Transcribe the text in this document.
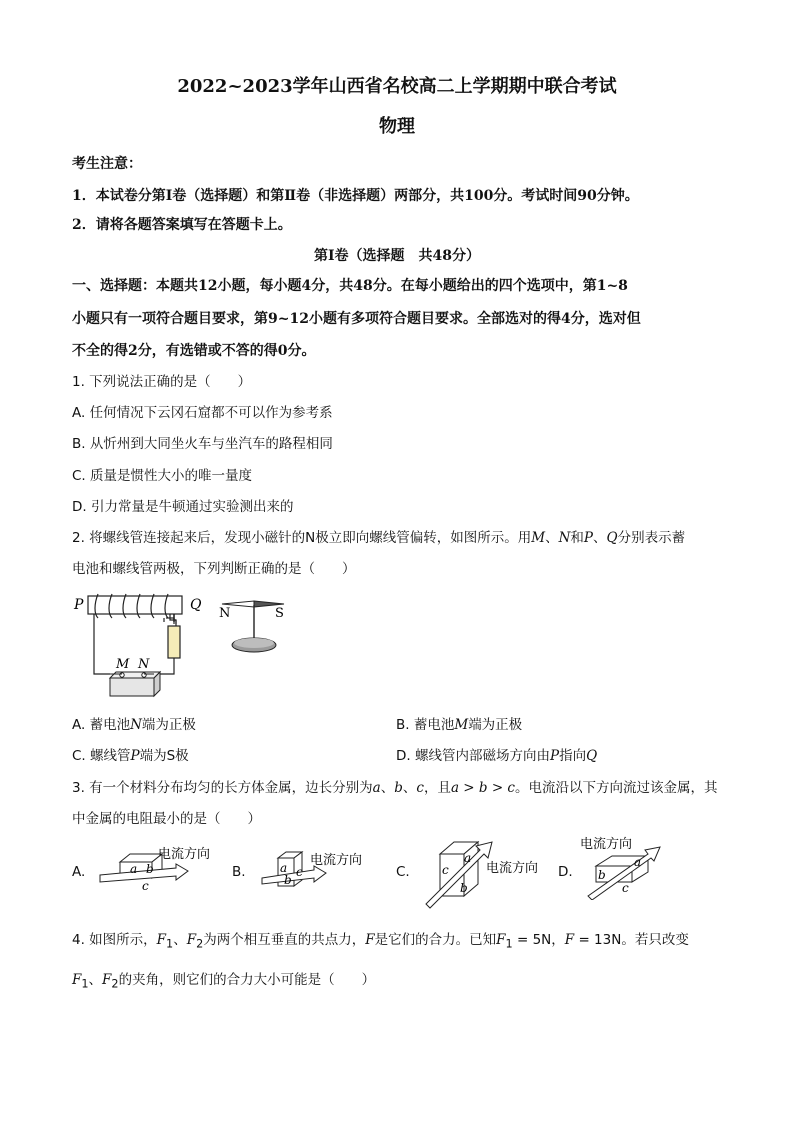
2022~2023学年山西省名校高二上学期期中联合考试
物理
考生注意：
1．本试卷分第Ⅰ卷（选择题）和第Ⅱ卷（非选择题）两部分，共100分。考试时间90分钟。
2．请将各题答案填写在答题卡上。
第Ⅰ卷（选择题　共48分）
一、选择题：本题共12小题，每小题4分，共48分。在每小题给出的四个选项中，第1~8
小题只有一项符合题目要求，第9~12小题有多项符合题目要求。全部选对的得4分，选对但
不全的得2分，有选错或不答的得0分。
1. 下列说法正确的是（　　）
A. 任何情况下云冈石窟都不可以作为参考系
B. 从忻州到大同坐火车与坐汽车的路程相同
C. 质量是惯性大小的唯一量度
D. 引力常量是牛顿通过实验测出来的
2. 将螺线管连接起来后，发现小磁针的N极立即向螺线管偏转，如图所示。用M、N和P、Q分别表示蓄
电池和螺线管两极，下列判断正确的是（　　）
P	Q
M N
N	S
A. 蓄电池N端为正极	B. 蓄电池M端为正极
C. 螺线管P端为S极	D. 螺线管内部磁场方向由P指向Q
3. 有一个材料分布均匀的长方体金属，边长分别为a、b、c，且a > b > c。电流沿以下方向流过该金属，其
中金属的电阻最小的是（　　）
A.	B.	C.	D.
a b
c
电流方向
a
b
c
电流方向
c
a
b
电流方向	b
a
c
电流方向
4. 如图所示，$F_1$、$F_2$为两个相互垂直的共点力，F是它们的合力。已知$F_1 = 5N$，F = 13N。若只改变
$F_1$、$F_2$的夹角，则它们的合力大小可能是（　　）
